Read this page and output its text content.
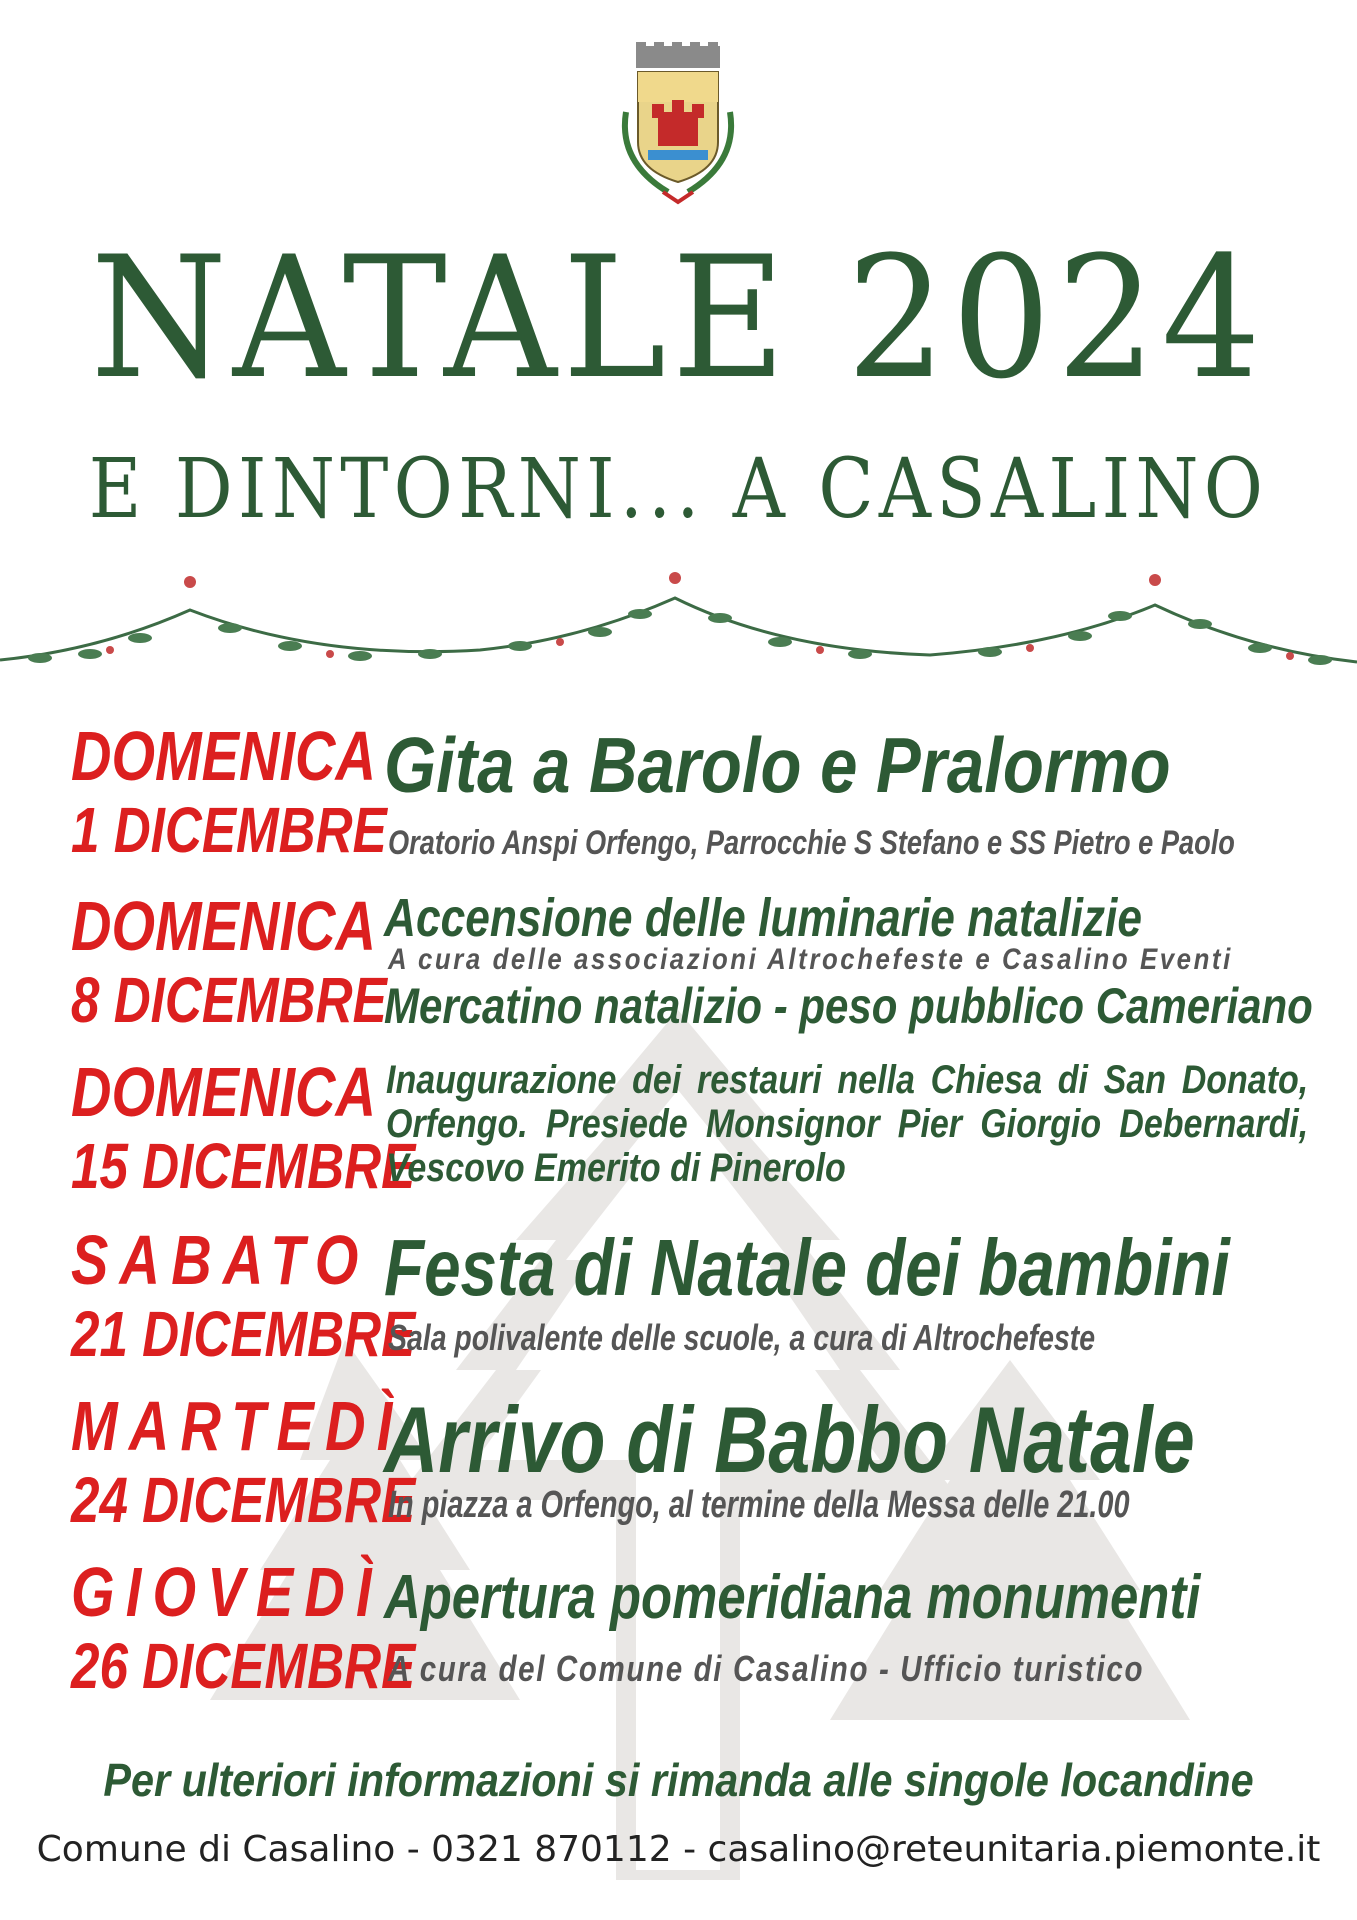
NATALE 2024
E DINTORNI... A CASALINO
DOMENICA
1 DICEMBRE
Gita a Barolo e Pralormo
Oratorio Anspi Orfengo, Parrocchie S Stefano e SS Pietro e Paolo
DOMENICA
8 DICEMBRE
Accensione delle luminarie natalizie
A cura delle associazioni Altrochefeste e Casalino Eventi
Mercatino natalizio - peso pubblico Cameriano
DOMENICA
15 DICEMBRE
Inaugurazione dei restauri nella Chiesa di San Donato, Orfengo. Presiede Monsignor Pier Giorgio Debernardi, Vescovo Emerito di Pinerolo
SABATO
21 DICEMBRE
Festa di Natale dei bambini
Sala polivalente delle scuole, a cura di Altrochefeste
MARTEDÌ
24 DICEMBRE
Arrivo di Babbo Natale
In piazza a Orfengo, al termine della Messa delle 21.00
GIOVEDÌ
26 DICEMBRE
Apertura pomeridiana monumenti
A cura del Comune di Casalino - Ufficio turistico
Per ulteriori informazioni si rimanda alle singole locandine
Comune di Casalino - 0321 870112 - casalino@reteunitaria.piemonte.it
